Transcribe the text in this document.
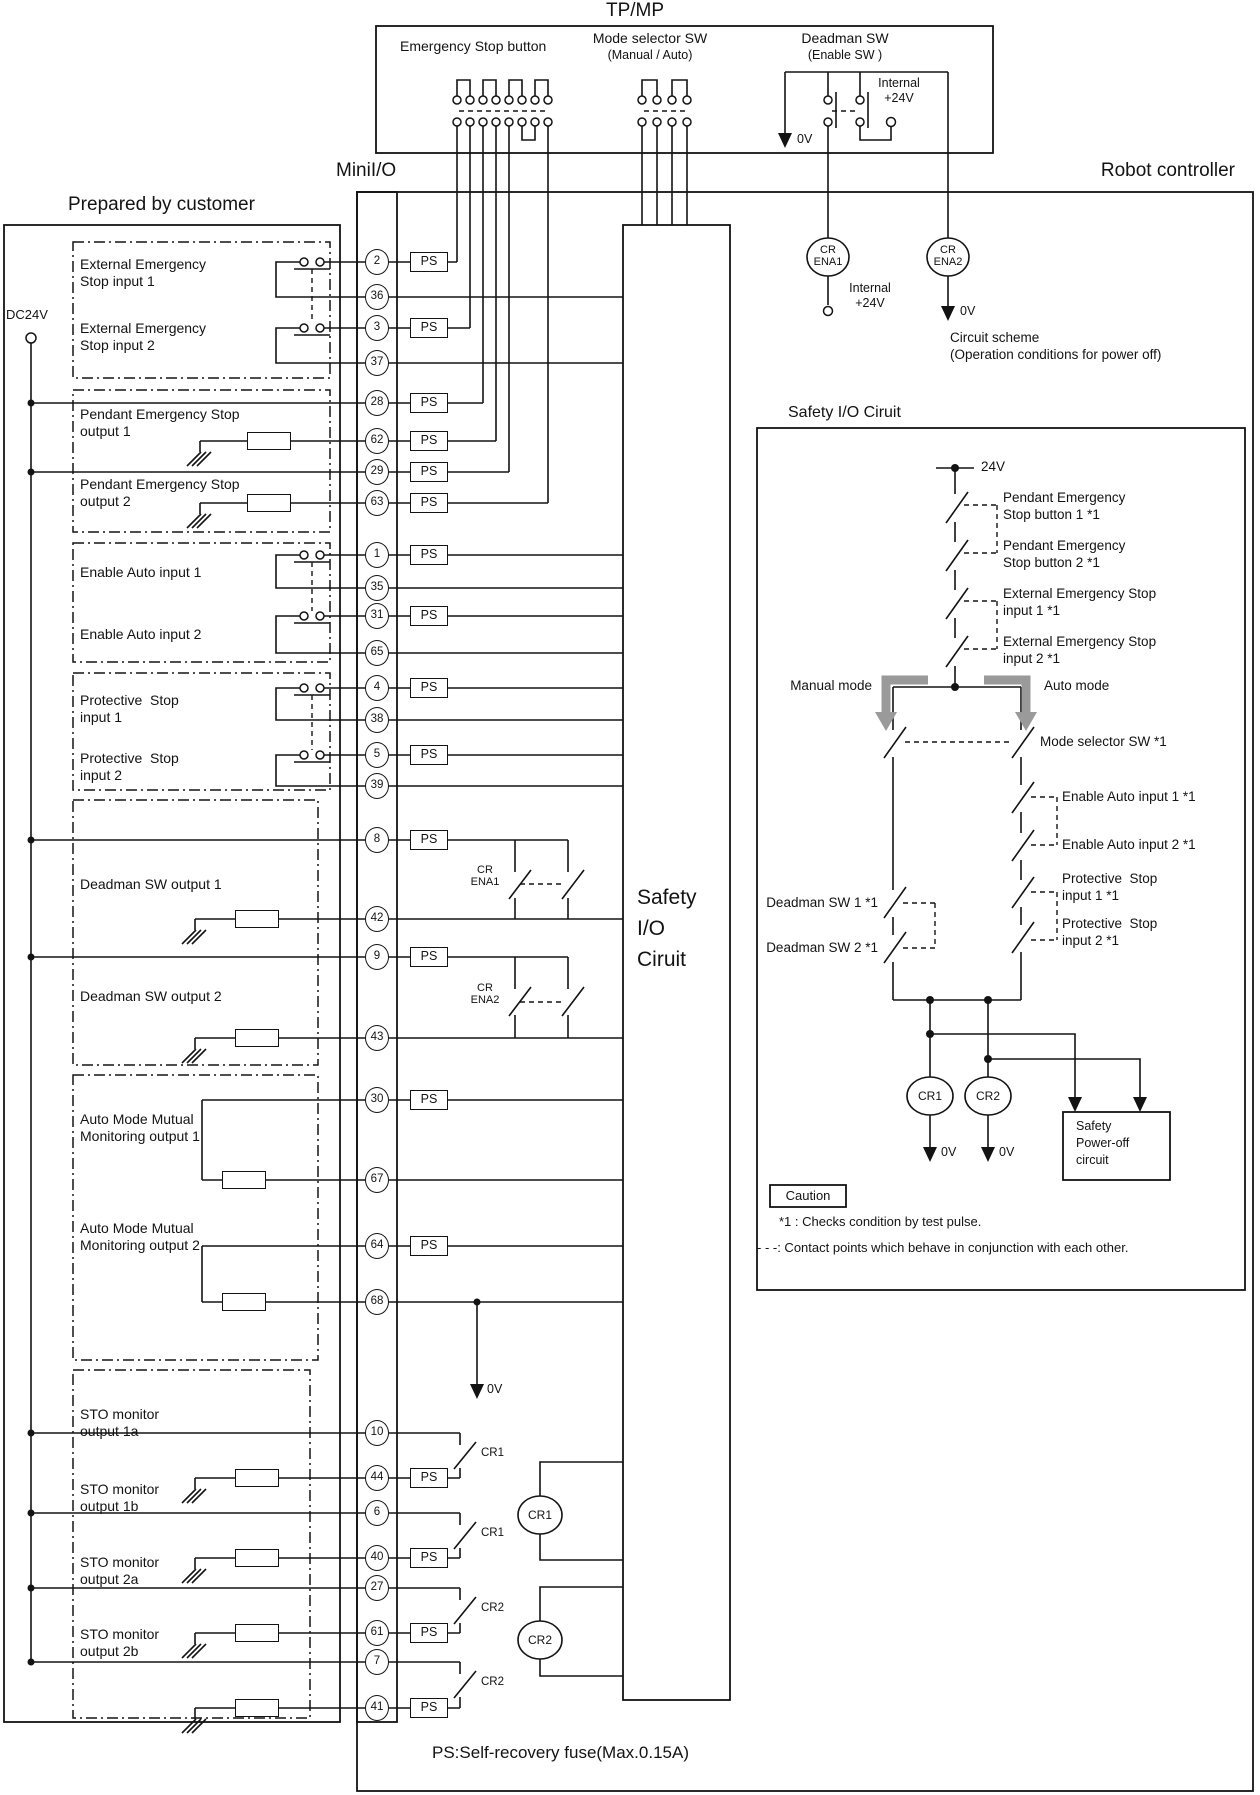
TP/MP
Emergency Stop button	Mode selector SW
(Manual / Auto)
Deadman SW
(Enable SW )
Internal
+24V
0V
MiniI/O	Robot controller
Prepared by customer
DC24V
External Emergency
Stop input 1
External Emergency
Stop input 2
Pendant Emergency Stop
output 1
Pendant Emergency Stop
output 2
Enable Auto input 1
Enable Auto input 2
Protective  Stop
input 1
Protective  Stop
input 2
Deadman SW output 1
Deadman SW output 2
Auto Mode Mutual
Monitoring output 1
Auto Mode Mutual
Monitoring output 2
STO monitor
output 1a
STO monitor
output 1b
STO monitor
output 2a
STO monitor
output 2b
Safety
I/O
Ciruit
CR
ENA1
CR
ENA2
Internal
+24V
0V
CR
ENA1
CR
ENA2
0V
CR1
CR1
CR2
CR2
CR1
CR2
Safety I/O Ciruit
Circuit scheme
(Operation conditions for power off)
24V
Pendant Emergency
Stop button 1 *1
Pendant Emergency
Stop button 2 *1
External Emergency Stop
input 1 *1
External Emergency Stop
input 2 *1
Manual mode	Auto mode
Mode selector SW *1
Enable Auto input 1 *1
Enable Auto input 2 *1
Protective  Stop
input 1 *1
Protective  Stop
input 2 *1
Deadman SW 1 *1
Deadman SW 2 *1
CR1	CR2
0V	0V
Safety
Power-off
circuit
Caution
*1 : Checks condition by test pulse.
- - -: Contact points which behave in conjunction with each other.
PS:Self-recovery fuse(Max.0.15A)
2
36
3
37
28
62
29
63
1
35
31
65
4
38
5
39
8
42
9
43
30
67
64
68
10
44
6
40
27
61
7
41
PS
PS
PS
PS
PS
PS
PS
PS
PS
PS
PS
PS
PS
PS
PS
PS
PS
PS
